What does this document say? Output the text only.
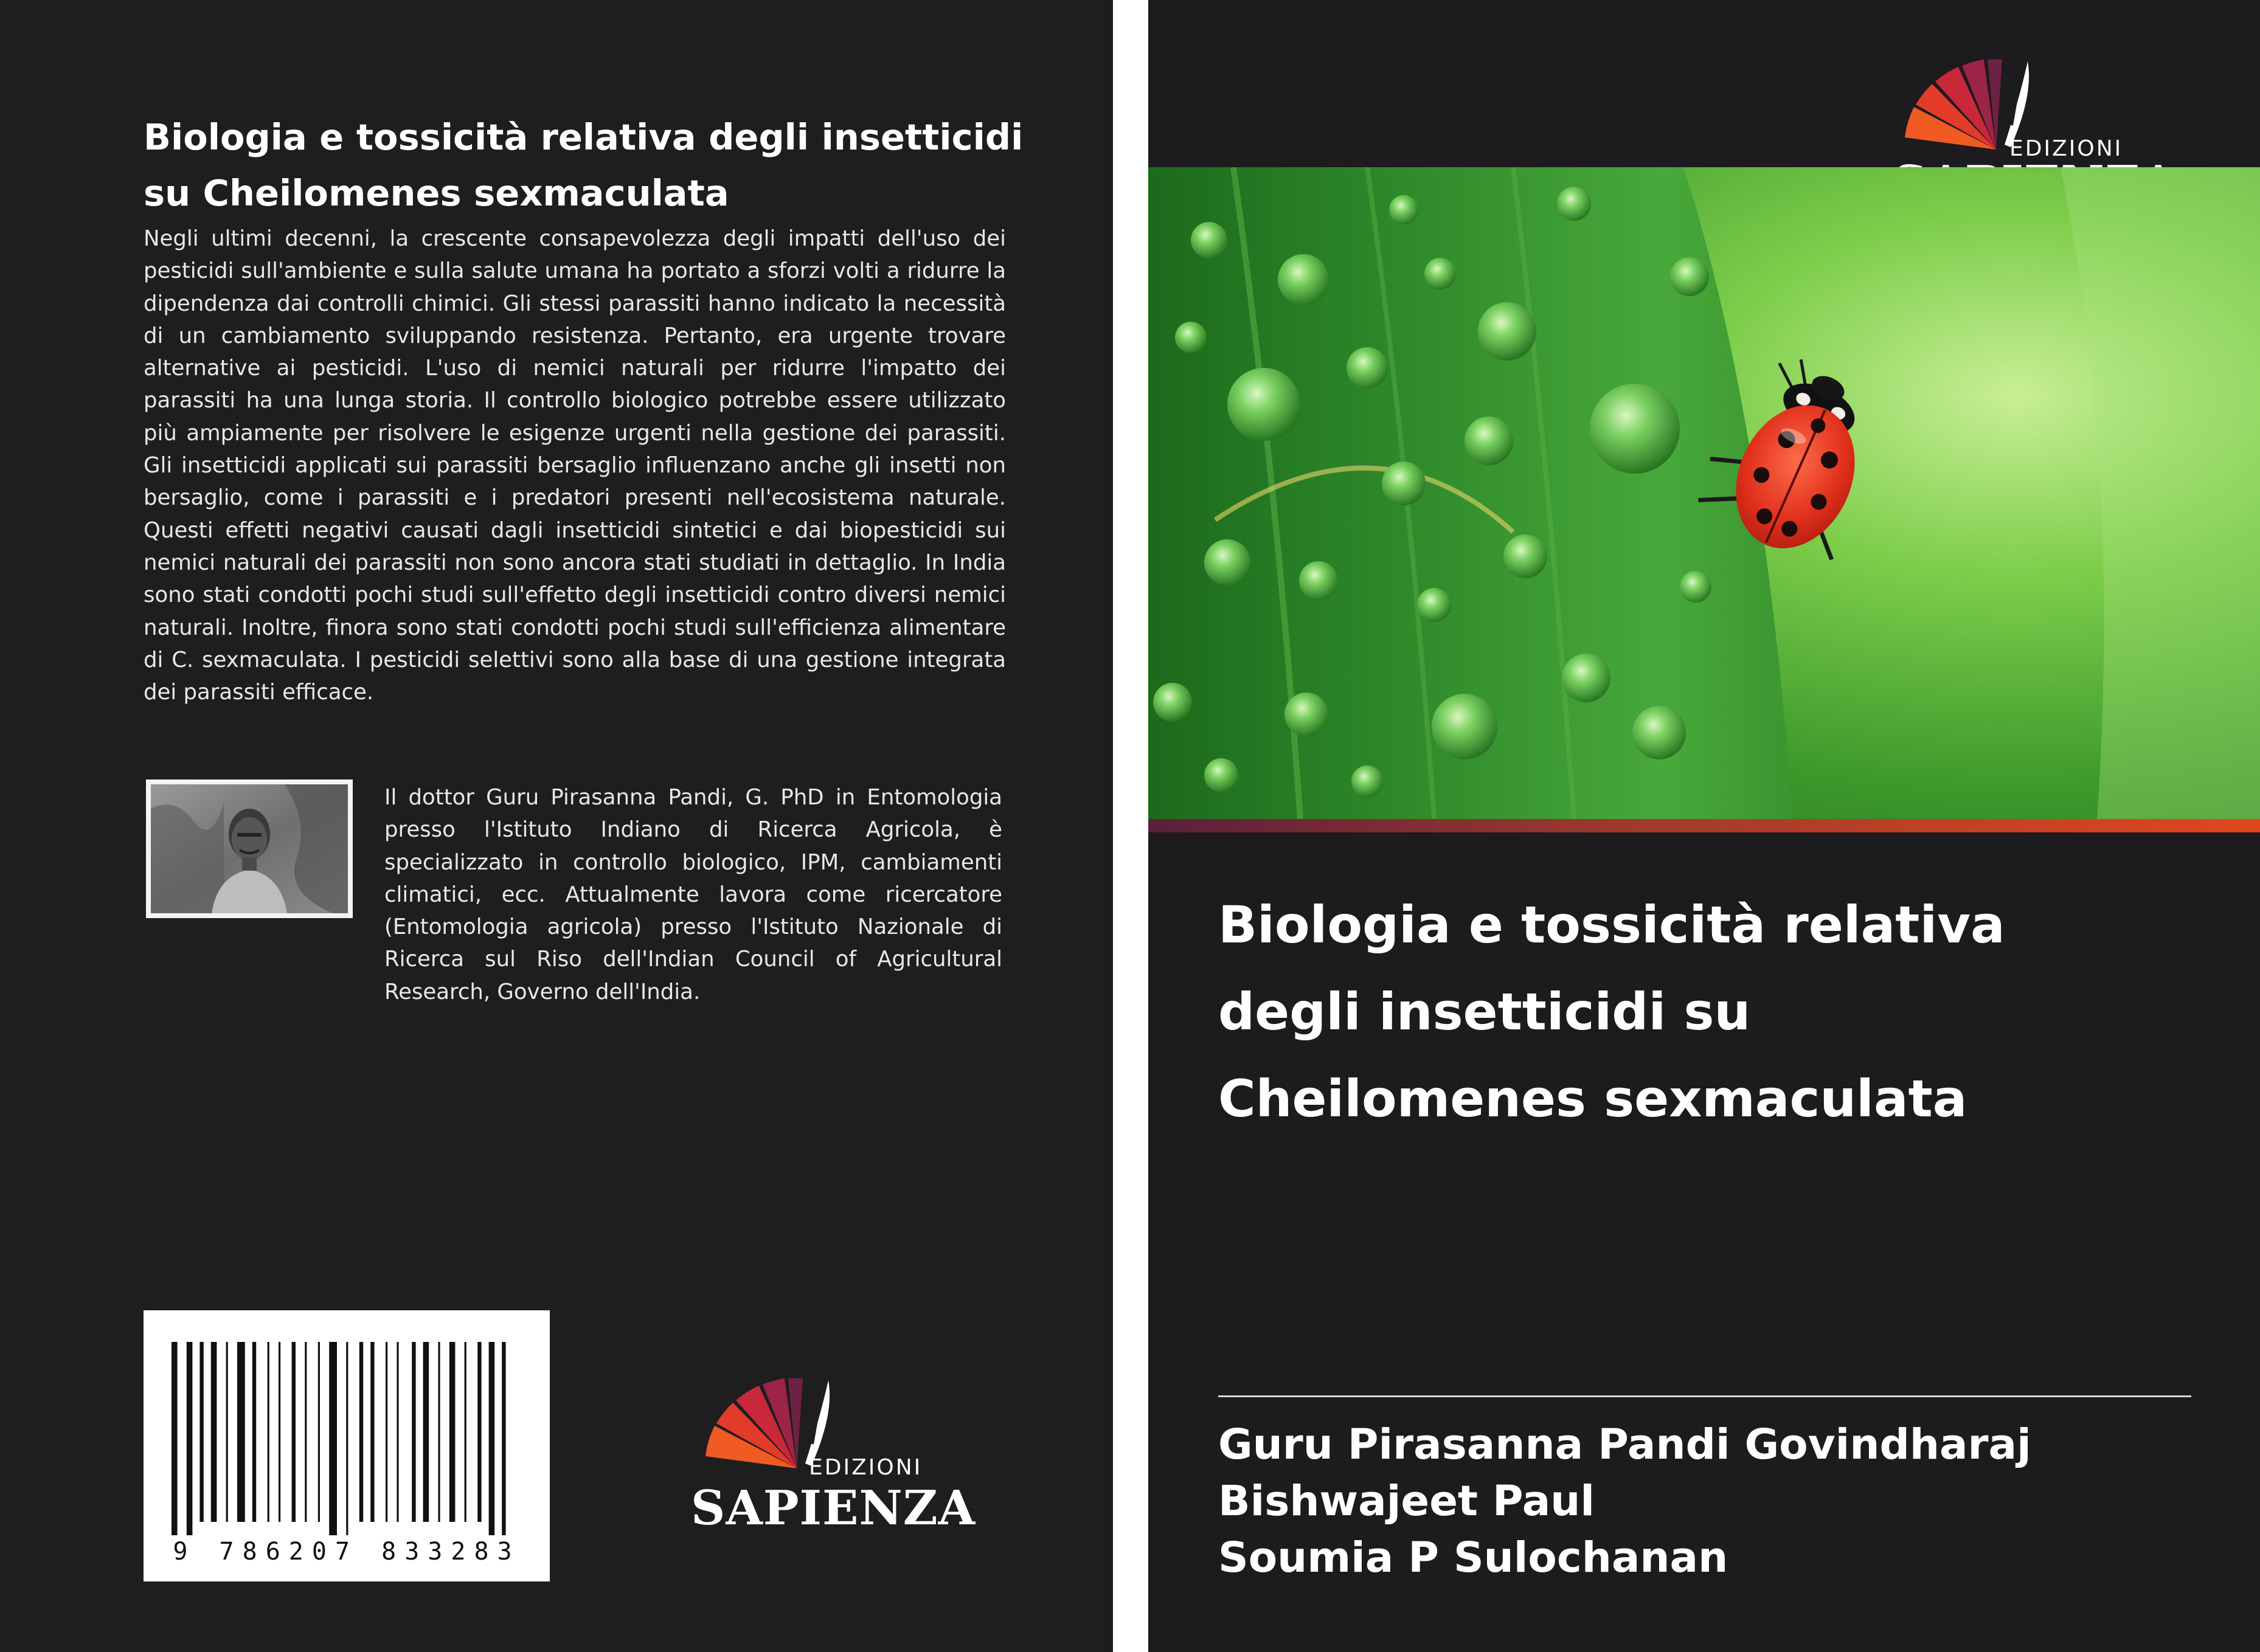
Biologia e tossicità relativa degli insetticidi su Cheilomenes sexmaculata

Negli ultimi decenni, la crescente consapevolezza degli impatti dell'uso dei pesticidi sull'ambiente e sulla salute umana ha portato a sforzi volti a ridurre la dipendenza dai controlli chimici. Gli stessi parassiti hanno indicato la necessità di un cambiamento sviluppando resistenza. Pertanto, era urgente trovare alternative ai pesticidi. L'uso di nemici naturali per ridurre l'impatto dei parassiti ha una lunga storia. Il controllo biologico potrebbe essere utilizzato più ampiamente per risolvere le esigenze urgenti nella gestione dei parassiti. Gli insetticidi applicati sui parassiti bersaglio influenzano anche gli insetti non bersaglio, come i parassiti e i predatori presenti nell'ecosistema naturale. Questi effetti negativi causati dagli insetticidi sintetici e dai biopesticidi sui nemici naturali dei parassiti non sono ancora stati studiati in dettaglio. In India sono stati condotti pochi studi sull'effetto degli insetticidi contro diversi nemici naturali. Inoltre, finora sono stati condotti pochi studi sull'efficienza alimentare di C. sexmaculata. I pesticidi selettivi sono alla base di una gestione integrata dei parassiti efficace.

Il dottor Guru Pirasanna Pandi, G. PhD in Entomologia presso l'Istituto Indiano di Ricerca Agricola, è specializzato in controllo biologico, IPM, cambiamenti climatici, ecc. Attualmente lavora come ricercatore (Entomologia agricola) presso l'Istituto Nazionale di Ricerca sul Riso dell'Indian Council of Agricultural Research, Governo dell'India.

9 786207 833283
EDIZIONI
SAPIENZA
EDIZIONI
Biologia e tossicità relativa
degli insetticidi su
Cheilomenes sexmaculata
Guru Pirasanna Pandi Govindharaj
Bishwajeet Paul
Soumia P Sulochanan
